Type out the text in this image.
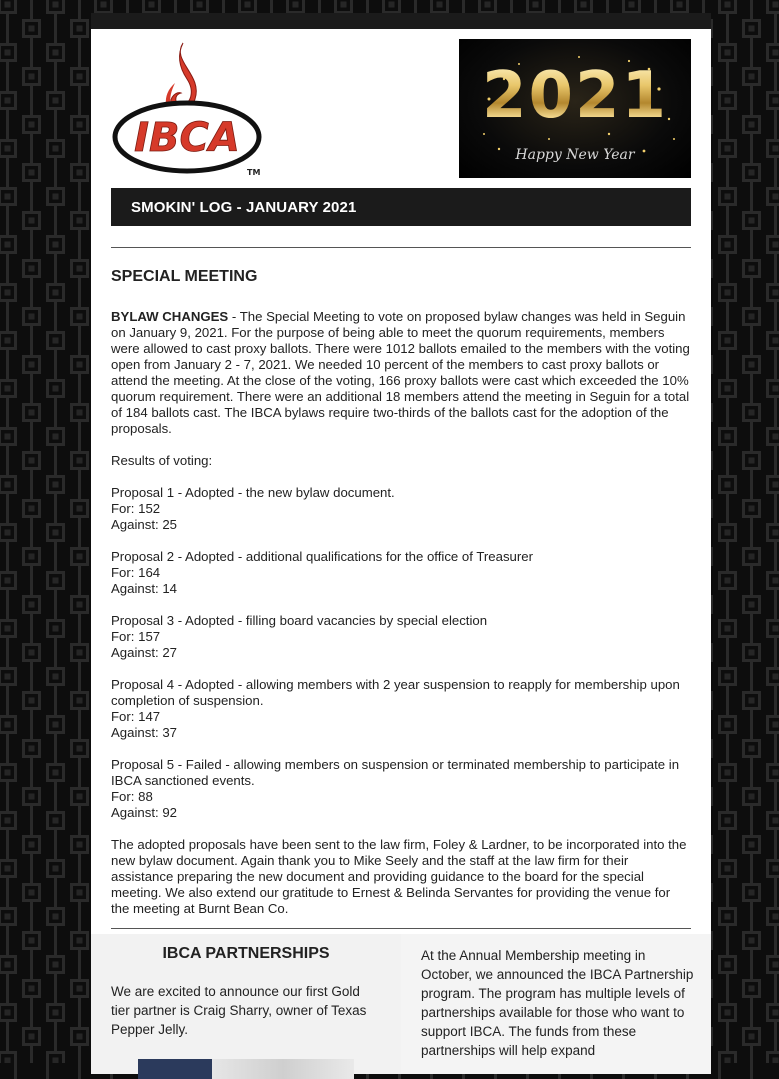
IBCA
TM
2021
Happy New Year
SMOKIN' LOG - JANUARY 2021
SPECIAL MEETING

BYLAW CHANGES - The Special Meeting to vote on proposed bylaw changes was held in Seguin on January 9, 2021. For the purpose of being able to meet the quorum requirements, members were allowed to cast proxy ballots. There were 1012 ballots emailed to the members with the voting open from January 2 - 7, 2021. We needed 10 percent of the members to cast proxy ballots or attend the meeting. At the close of the voting, 166 proxy ballots were cast which exceeded the 10% quorum requirement. There were an additional 18 members attend the meeting in Seguin for a total of 184 ballots cast. The IBCA bylaws require two-thirds of the ballots cast for the adoption of the proposals.

Results of voting:

Proposal 1 - Adopted - the new bylaw document.
For: 152
Against: 25

Proposal 2 - Adopted - additional qualifications for the office of Treasurer
For: 164
Against: 14

Proposal 3 - Adopted - filling board vacancies by special election
For: 157
Against: 27

Proposal 4 - Adopted - allowing members with 2 year suspension to reapply for membership upon completion of suspension.
For: 147
Against: 37

Proposal 5 - Failed - allowing members on suspension or terminated membership to participate in IBCA sanctioned events.
For: 88
Against: 92

The adopted proposals have been sent to the law firm, Foley & Lardner, to be incorporated into the new bylaw document. Again thank you to Mike Seely and the staff at the law firm for their assistance preparing the new document and providing guidance to the board for the special meeting. We also extend our gratitude to Ernest & Belinda Servantes for providing the venue for the meeting at Burnt Bean Co.

IBCA PARTNERSHIPS
We are excited to announce our first Gold tier partner is Craig Sharry, owner of Texas Pepper Jelly.
At the Annual Membership meeting in October, we announced the IBCA Partnership program. The program has multiple levels of partnerships available for those who want to support IBCA. The funds from these partnerships will help expand
